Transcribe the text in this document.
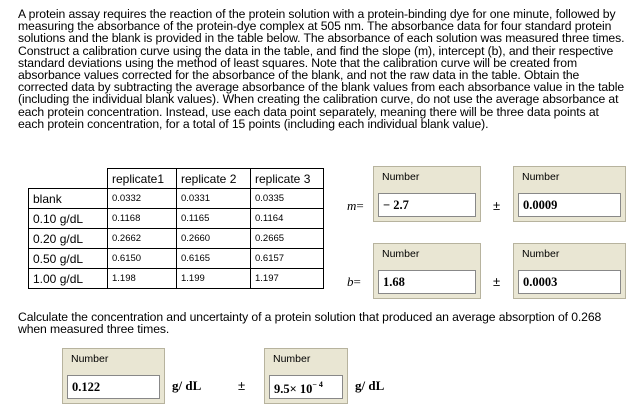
A protein assay requires the reaction of the protein solution with a protein-binding dye for one minute, followed by measuring the absorbance of the protein-dye complex at 505 nm. The absorbance data for four standard protein solutions and the blank is provided in the table below. The absorbance of each solution was measured three times. Construct a calibration curve using the data in the table, and find the slope (m), intercept (b), and their respective standard deviations using the method of least squares. Note that the calibration curve will be created from absorbance values corrected for the absorbance of the blank, and not the raw data in the table. Obtain the corrected data by subtracting the average absorbance of the blank values from each absorbance value in the table (including the individual blank values). When creating the calibration curve, do not use the average absorbance at each protein concentration. Instead, use each data point separately, meaning there will be three data points at each protein concentration, for a total of 15 points (including each individual blank value).
	replicate1	replicate 2	replicate 3
blank	0.0332	0.0331	0.0335
0.10 g/dL	0.1168	0.1165	0.1164
0.20 g/dL	0.2662	0.2660	0.2665
0.50 g/dL	0.6150	0.6165	0.6157
1.00 g/dL	1.198	1.199	1.197
m=
Number
− 2.7	±
Number
0.0009
b=
Number
1.68	±
Number
0.0003
Calculate the concentration and uncertainty of a protein solution that produced an average absorption of 0.268 when measured three times.
Number
0.122	g/ dL	±
Number
$9.5\times 10^{- 4}$	g/ dL
